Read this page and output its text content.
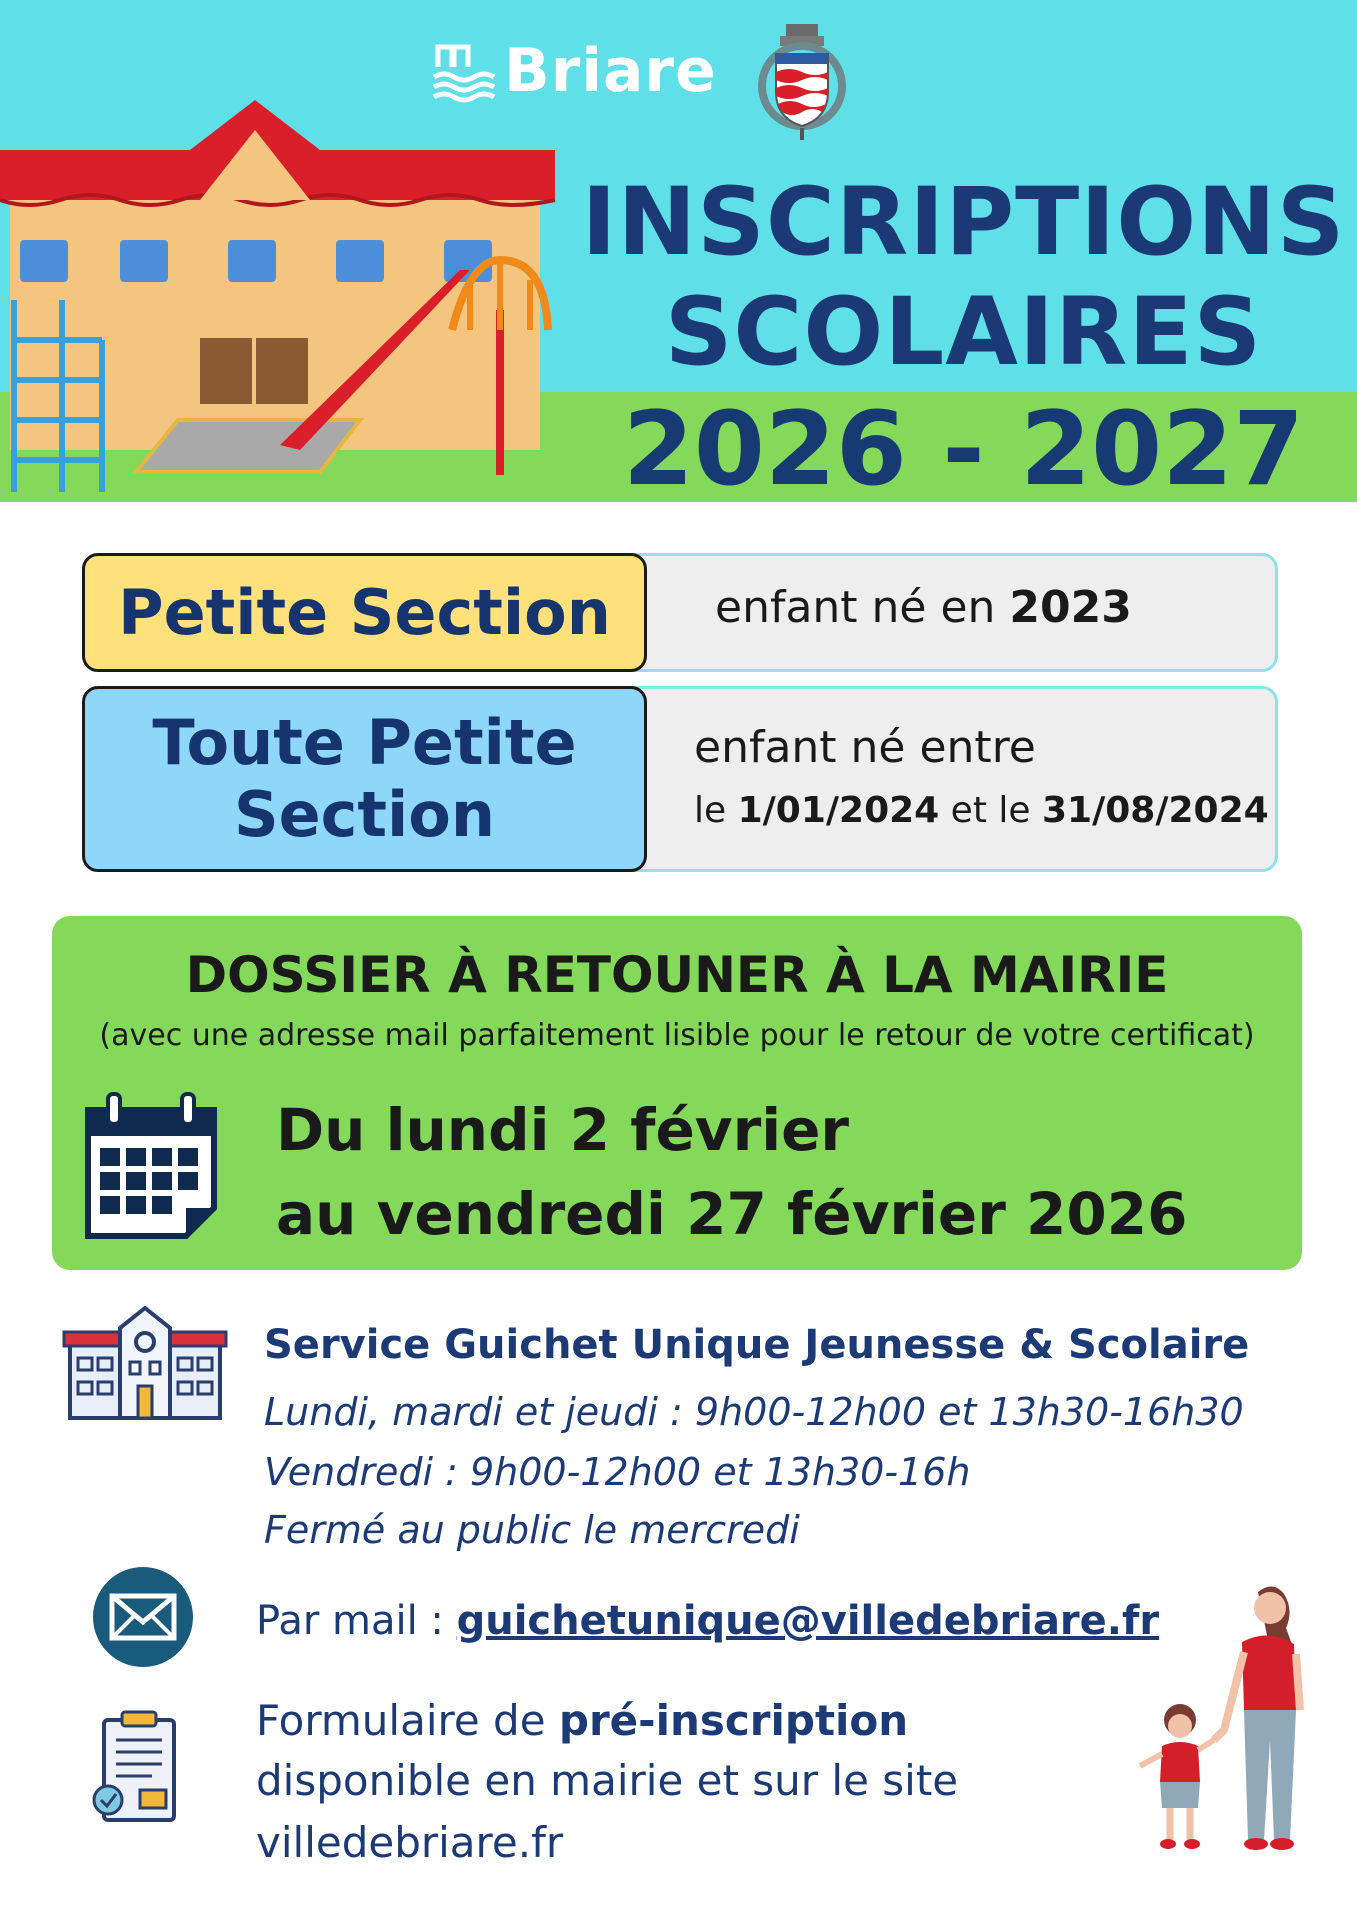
Briare
INSCRIPTIONS
SCOLAIRES
2026 - 2027
Petite Section	enfant né en 2023
Toute Petite
Section
enfant né entre
le 1/01/2024 et le 31/08/2024
DOSSIER À RETOUNER À LA MAIRIE
(avec une adresse mail parfaitement lisible pour le retour de votre certificat)
Du lundi 2 février
au vendredi 27 février 2026
Service Guichet Unique Jeunesse & Scolaire
Lundi, mardi et jeudi : 9h00-12h00 et 13h30-16h30
Vendredi : 9h00-12h00 et 13h30-16h
Fermé au public le mercredi
Par mail : guichetunique@villedebriare.fr
Formulaire de pré-inscription
disponible en mairie et sur le site
villedebriare.fr
